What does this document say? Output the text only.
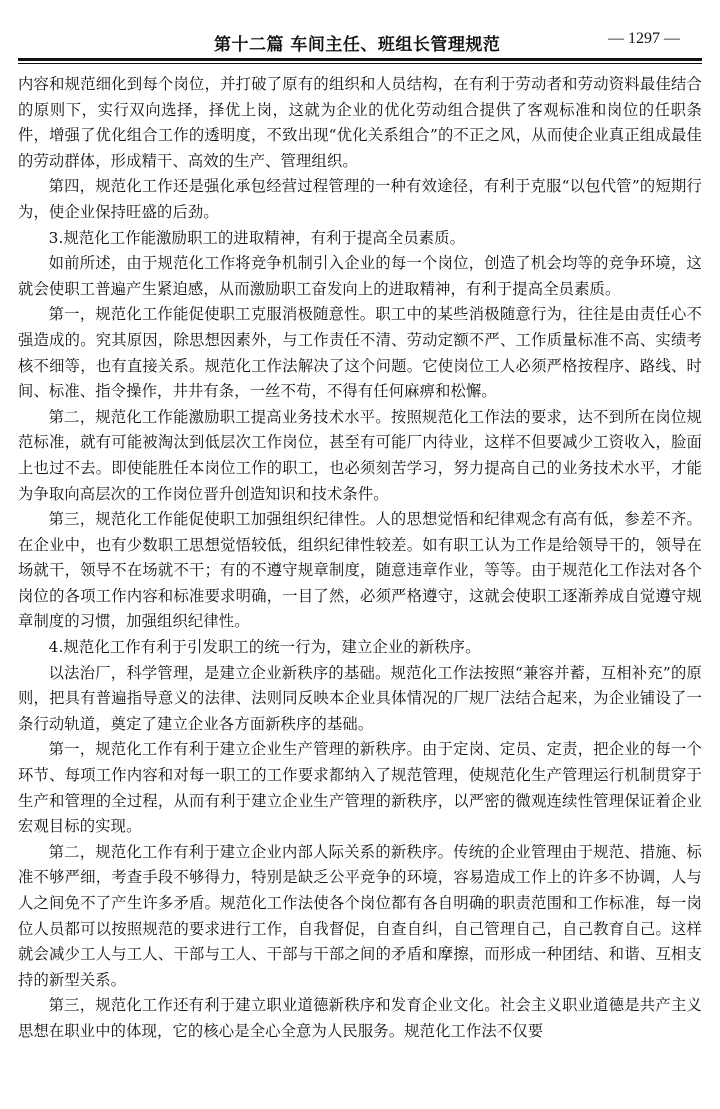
第十二篇 车间主任、班组长管理规范	— 1297 —

内容和规范细化到每个岗位，并打破了原有的组织和人员结构，在有利于劳动者和劳动资料最佳结合的原则下，实行双向选择，择优上岗，这就为企业的优化劳动组合提供了客观标准和岗位的任职条件，增强了优化组合工作的透明度，不致出现“优化关系组合”的不正之风，从而使企业真正组成最佳的劳动群体，形成精干、高效的生产、管理组织。

第四，规范化工作还是强化承包经营过程管理的一种有效途径，有利于克服“以包代管”的短期行为，使企业保持旺盛的后劲。

3.规范化工作能激励职工的进取精神，有利于提高全员素质。

如前所述，由于规范化工作将竞争机制引入企业的每一个岗位，创造了机会均等的竞争环境，这就会使职工普遍产生紧迫感，从而激励职工奋发向上的进取精神，有利于提高全员素质。

第一，规范化工作能促使职工克服消极随意性。职工中的某些消极随意行为，往往是由责任心不强造成的。究其原因，除思想因素外，与工作责任不清、劳动定额不严、工作质量标准不高、实绩考核不细等，也有直接关系。规范化工作法解决了这个问题。它使岗位工人必须严格按程序、路线、时间、标准、指令操作，井井有条，一丝不苟，不得有任何麻痹和松懈。

第二，规范化工作能激励职工提高业务技术水平。按照规范化工作法的要求，达不到所在岗位规范标准，就有可能被淘汰到低层次工作岗位，甚至有可能厂内待业，这样不但要减少工资收入，脸面上也过不去。即使能胜任本岗位工作的职工，也必须刻苦学习，努力提高自己的业务技术水平，才能为争取向高层次的工作岗位晋升创造知识和技术条件。

第三，规范化工作能促使职工加强组织纪律性。人的思想觉悟和纪律观念有高有低，参差不齐。在企业中，也有少数职工思想觉悟较低，组织纪律性较差。如有职工认为工作是给领导干的，领导在场就干，领导不在场就不干；有的不遵守规章制度，随意违章作业，等等。由于规范化工作法对各个岗位的各项工作内容和标准要求明确，一目了然，必须严格遵守，这就会使职工逐渐养成自觉遵守规章制度的习惯，加强组织纪律性。

4.规范化工作有利于引发职工的统一行为，建立企业的新秩序。

以法治厂，科学管理，是建立企业新秩序的基础。规范化工作法按照“兼容并蓄，互相补充”的原则，把具有普遍指导意义的法律、法则同反映本企业具体情况的厂规厂法结合起来，为企业铺设了一条行动轨道，奠定了建立企业各方面新秩序的基础。

第一，规范化工作有利于建立企业生产管理的新秩序。由于定岗、定员、定责，把企业的每一个环节、每项工作内容和对每一职工的工作要求都纳入了规范管理，使规范化生产管理运行机制贯穿于生产和管理的全过程，从而有利于建立企业生产管理的新秩序，以严密的微观连续性管理保证着企业宏观目标的实现。

第二，规范化工作有利于建立企业内部人际关系的新秩序。传统的企业管理由于规范、措施、标准不够严细，考查手段不够得力，特别是缺乏公平竞争的环境，容易造成工作上的许多不协调，人与人之间免不了产生许多矛盾。规范化工作法使各个岗位都有各自明确的职责范围和工作标准，每一岗位人员都可以按照规范的要求进行工作，自我督促，自查自纠，自己管理自己，自己教育自己。这样就会减少工人与工人、干部与工人、干部与干部之间的矛盾和摩擦，而形成一种团结、和谐、互相支持的新型关系。

第三，规范化工作还有利于建立职业道德新秩序和发育企业文化。社会主义职业道德是共产主义思想在职业中的体现，它的核心是全心全意为人民服务。规范化工作法不仅要
